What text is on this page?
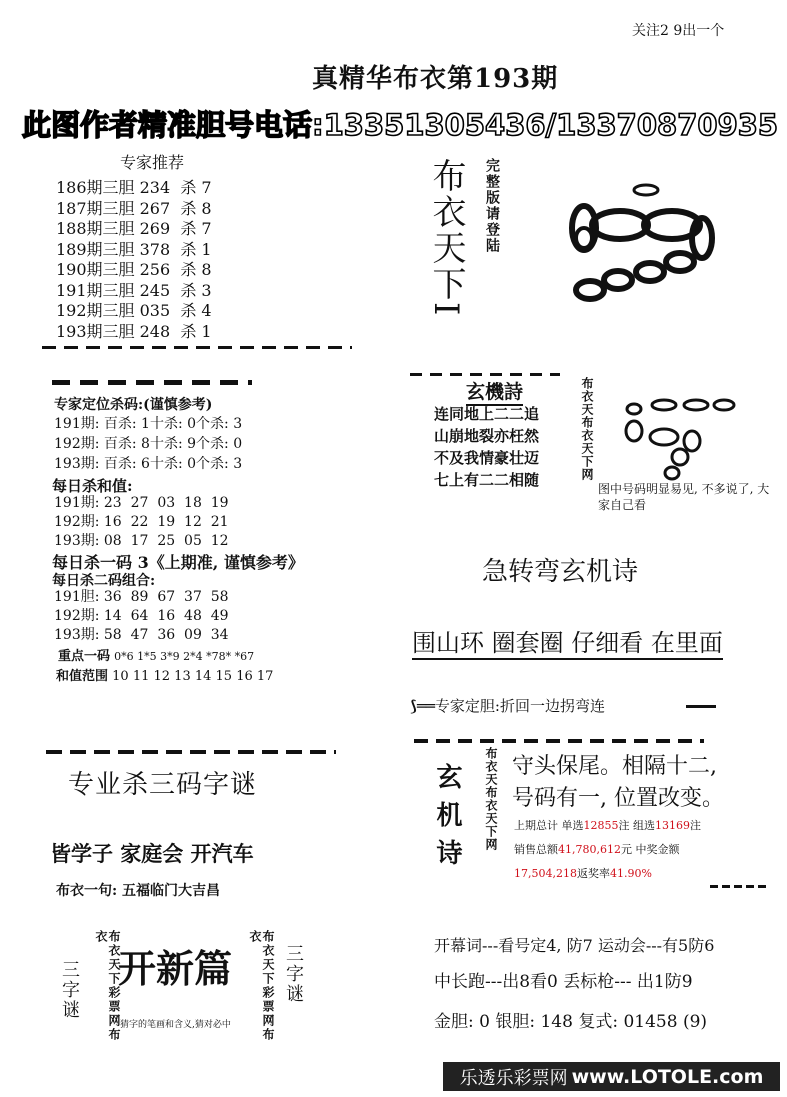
关注2 9出一个
真精华布衣第193期
此图作者精准胆号电话:13351305436/13370870935
专家推荐
186期三胆 234  杀 7
187期三胆 267  杀 8
188期三胆 269  杀 7
189期三胆 378  杀 1
190期三胆 256  杀 8
191期三胆 245  杀 3
192期三胆 035  杀 4
193期三胆 248  杀 1
布衣天下I 完整版请登陆
专家定位杀码:(谨慎参考)
191期: 百杀: 1十杀: 0个杀: 3
192期: 百杀: 8十杀: 9个杀: 0
193期: 百杀: 6十杀: 0个杀: 3
每日杀和值:
191期: 23  27  03  18  19
192期: 16  22  19  12  21
193期: 08  17  25  05  12
每日杀一码 3《上期准, 谨慎参考》
每日杀二码组合:
191胆: 36  89  67  37  58
192期: 14  64  16  48  49
193期: 58  47  36  09  34
重点一码 0*6 1*5 3*9 2*4 *78* *67
和值范围 10 11 12 13 14 15 16 17
玄機詩
连同地上二二追
山崩地裂亦枉然
不及我情豪壮迈
七上有二二相随	布衣天布衣天下网
图中号码明显易见, 不多说了, 大家自己看
急转弯玄机诗
围山环 圈套圈 仔细看 在里面
⟆══专家定胆:折回一边拐弯连
专业杀三码字谜
皆学子 家庭会 开汽车
布衣一句: 五福临门大吉昌
布衣天下彩票网布衣
三字谜 开新篇
猜字的笔画和含义,猜对必中	布衣天下彩票网布衣
三字谜
玄机诗 布衣天布衣天下网 守头保尾。相隔十二,
号码有一, 位置改变。
上期总计 单选12855注 组选13169注
销售总额41,780,612元 中奖金额
17,504,218返奖率41.90%
开幕词---看号定4, 防7 运动会---有5防6
中长跑---出8看0 丢标枪--- 出1防9
金胆: 0 银胆: 148 复式: 01458 (9)
乐透乐彩票网 www.LOTOLE.com
